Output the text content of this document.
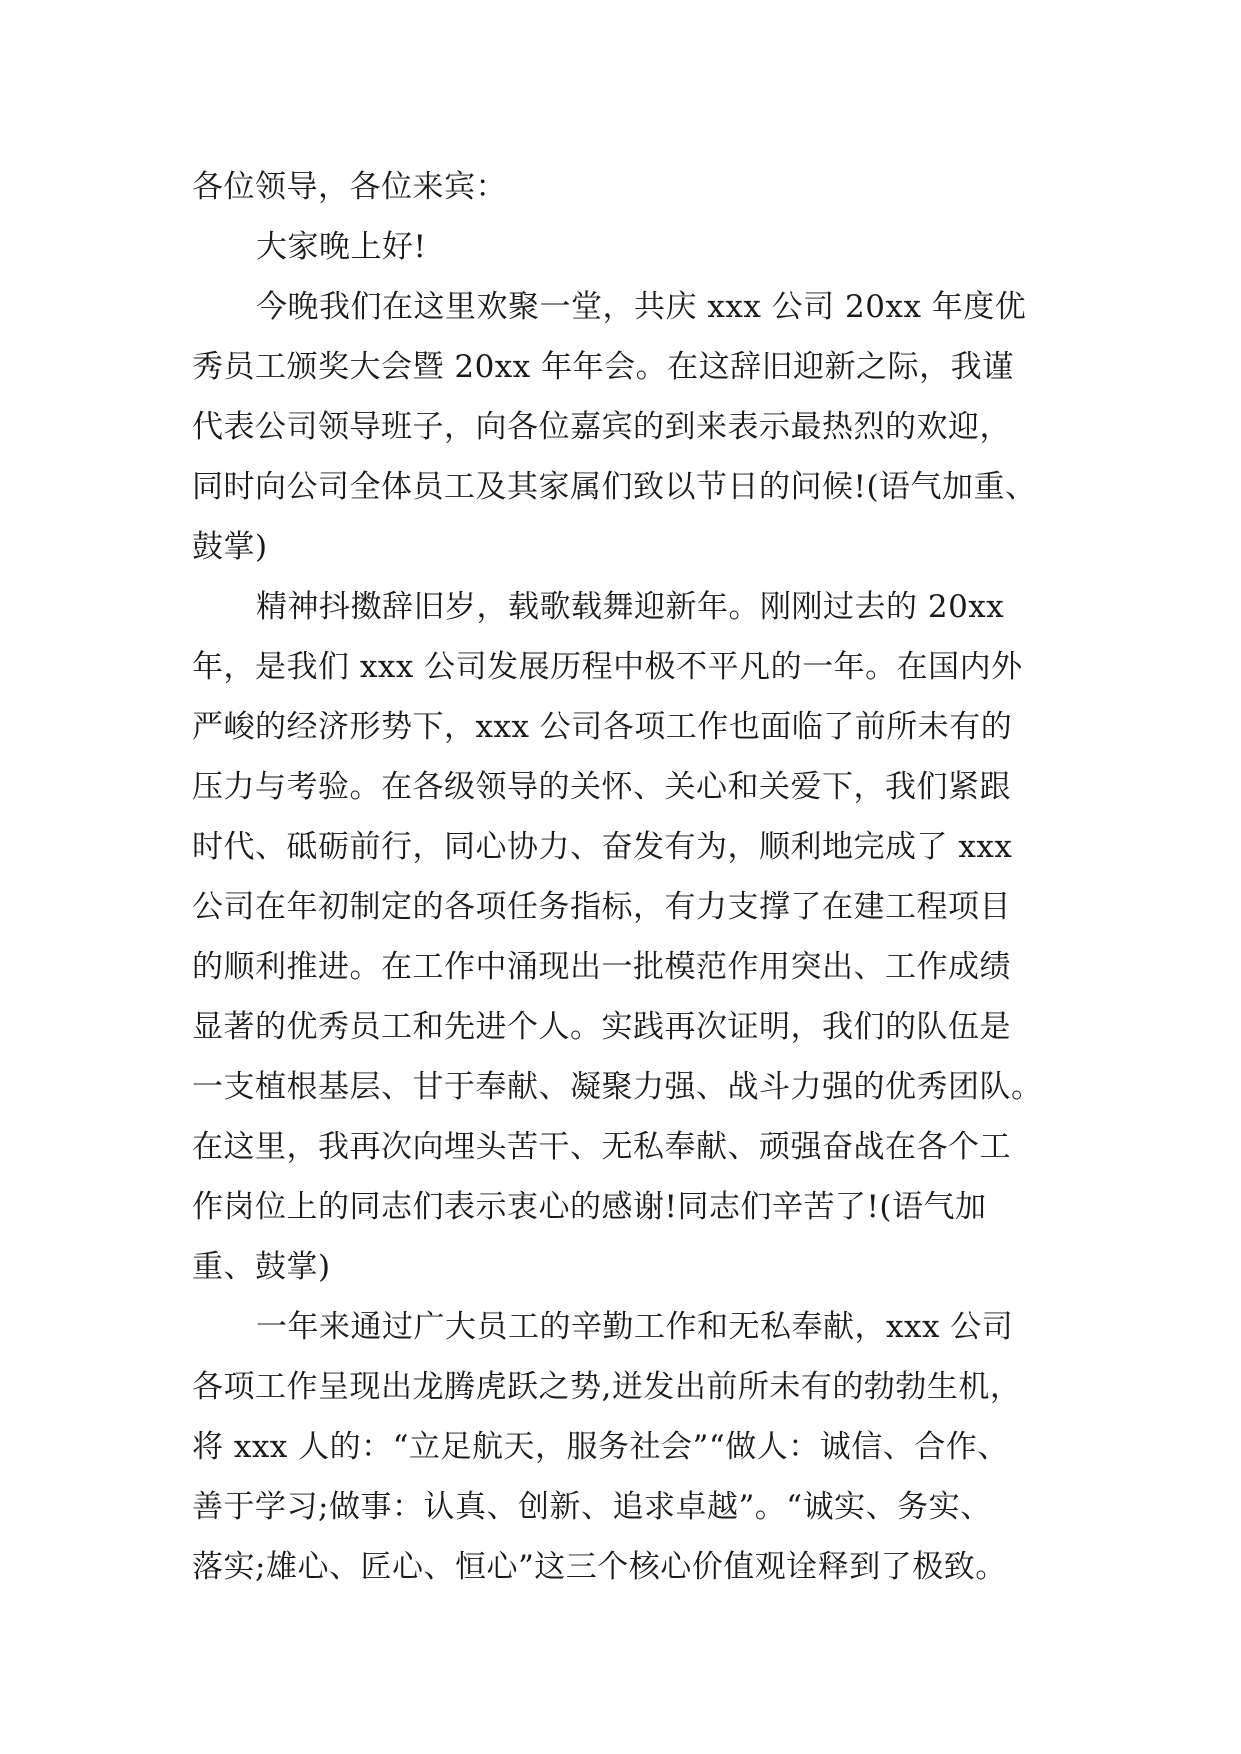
各位领导，各位来宾：
大家晚上好!
今晚我们在这里欢聚一堂，共庆 xxx 公司 20xx 年度优
秀员工颁奖大会暨 20xx 年年会。在这辞旧迎新之际，我谨
代表公司领导班子，向各位嘉宾的到来表示最热烈的欢迎，
同时向公司全体员工及其家属们致以节日的问候!(语气加重、
鼓掌)
精神抖擞辞旧岁，载歌载舞迎新年。刚刚过去的 20xx
年，是我们 xxx 公司发展历程中极不平凡的一年。在国内外
严峻的经济形势下，xxx 公司各项工作也面临了前所未有的
压力与考验。在各级领导的关怀、关心和关爱下，我们紧跟
时代、砥砺前行，同心协力、奋发有为，顺利地完成了 xxx
公司在年初制定的各项任务指标，有力支撑了在建工程项目
的顺利推进。在工作中涌现出一批模范作用突出、工作成绩
显著的优秀员工和先进个人。实践再次证明，我们的队伍是
一支植根基层、甘于奉献、凝聚力强、战斗力强的优秀团队。
在这里，我再次向埋头苦干、无私奉献、顽强奋战在各个工
作岗位上的同志们表示衷心的感谢!同志们辛苦了!(语气加
重、鼓掌)
一年来通过广大员工的辛勤工作和无私奉献，xxx 公司
各项工作呈现出龙腾虎跃之势,迸发出前所未有的勃勃生机，
将 xxx 人的：“立足航天，服务社会”“做人：诚信、合作、
善于学习;做事：认真、创新、追求卓越”。“诚实、务实、
落实;雄心、匠心、恒心”这三个核心价值观诠释到了极致。
